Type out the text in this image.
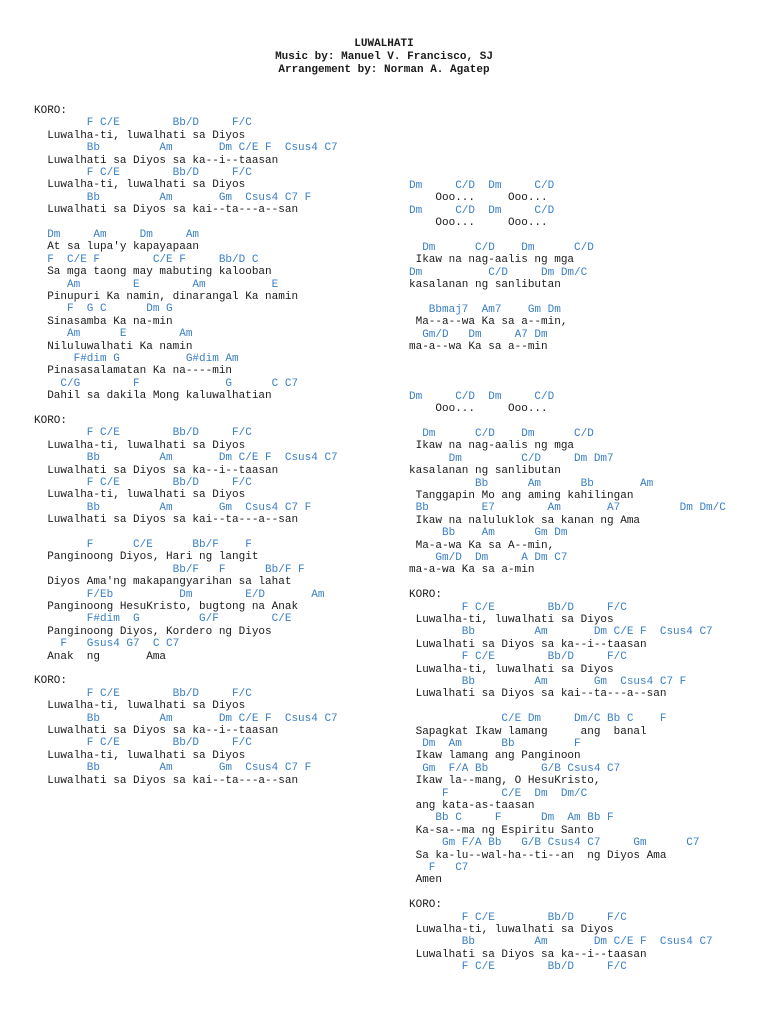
LUWALHATI
Music by: Manuel V. Francisco, SJ
Arrangement by: Norman A. Agatep
KORO:
F C/E        Bb/D     F/C
Luwalha-ti, luwalhati sa Diyos
Bb         Am       Dm C/E F  Csus4 C7
Luwalhati sa Diyos sa ka--i--taasan
F C/E        Bb/D     F/C
Luwalha-ti, luwalhati sa Diyos
Bb         Am       Gm  Csus4 C7 F
Luwalhati sa Diyos sa kai--ta---a--san
Dm     Am     Dm     Am
At sa lupa'y kapayapaan
F  C/E F        C/E F     Bb/D C
Sa mga taong may mabuting kalooban
Am        E        Am          E
Pinupuri Ka namin, dinarangal Ka namin
F  G C      Dm G
Sinasamba Ka na-min
Am      E        Am
Niluluwalhati Ka namin
F#dim G          G#dim Am
Pinasasalamatan Ka na----min
C/G        F             G      C C7
Dahil sa dakila Mong kaluwalhatian
KORO:
F C/E        Bb/D     F/C
Luwalha-ti, luwalhati sa Diyos
Bb         Am       Dm C/E F  Csus4 C7
Luwalhati sa Diyos sa ka--i--taasan
F C/E        Bb/D     F/C
Luwalha-ti, luwalhati sa Diyos
Bb         Am       Gm  Csus4 C7 F
Luwalhati sa Diyos sa kai--ta---a--san
F      C/E      Bb/F    F
Panginoong Diyos, Hari ng langit
Bb/F   F      Bb/F F
Diyos Ama'ng makapangyarihan sa lahat
F/Eb          Dm        E/D       Am
Panginoong HesuKristo, bugtong na Anak
F#dim  G         G/F        C/E
Panginoong Diyos, Kordero ng Diyos
F   Gsus4 G7  C C7
Anak  ng       Ama
KORO:
F C/E        Bb/D     F/C
Luwalha-ti, luwalhati sa Diyos
Bb         Am       Dm C/E F  Csus4 C7
Luwalhati sa Diyos sa ka--i--taasan
F C/E        Bb/D     F/C
Luwalha-ti, luwalhati sa Diyos
Bb         Am       Gm  Csus4 C7 F
Luwalhati sa Diyos sa kai--ta---a--san
Dm     C/D  Dm     C/D
Ooo...     Ooo...
Dm     C/D  Dm     C/D
Ooo...     Ooo...
Dm      C/D    Dm      C/D
Ikaw na nag-aalis ng mga
Dm          C/D     Dm Dm/C
kasalanan ng sanlibutan
Bbmaj7  Am7    Gm Dm
Ma--a--wa Ka sa a--min,
Gm/D   Dm     A7 Dm
ma-a--wa Ka sa a--min
Dm     C/D  Dm     C/D
Ooo...     Ooo...
Dm      C/D    Dm      C/D
Ikaw na nag-aalis ng mga
Dm         C/D     Dm Dm7
kasalanan ng sanlibutan
Bb      Am      Bb       Am
Tanggapin Mo ang aming kahilingan
Bb        E7        Am       A7         Dm Dm/C
Ikaw na naluluklok sa kanan ng Ama
Bb    Am      Gm Dm
Ma-a-wa Ka sa A--min,
Gm/D  Dm     A Dm C7
ma-a-wa Ka sa a-min
KORO:
F C/E        Bb/D     F/C
Luwalha-ti, luwalhati sa Diyos
Bb         Am       Dm C/E F  Csus4 C7
Luwalhati sa Diyos sa ka--i--taasan
F C/E        Bb/D     F/C
Luwalha-ti, luwalhati sa Diyos
Bb         Am       Gm  Csus4 C7 F
Luwalhati sa Diyos sa kai--ta---a--san
C/E Dm     Dm/C Bb C    F
Sapagkat Ikaw lamang     ang  banal
Dm  Am      Bb         F
Ikaw lamang ang Panginoon
Gm  F/A Bb        G/B Csus4 C7
Ikaw la--mang, O HesuKristo,
F        C/E  Dm  Dm/C
ang kata-as-taasan
Bb C     F      Dm  Am Bb F
Ka-sa--ma ng Espiritu Santo
Gm F/A Bb   G/B Csus4 C7     Gm      C7
Sa ka-lu--wal-ha--ti--an  ng Diyos Ama
F   C7
Amen
KORO:
F C/E        Bb/D     F/C
Luwalha-ti, luwalhati sa Diyos
Bb         Am       Dm C/E F  Csus4 C7
Luwalhati sa Diyos sa ka--i--taasan
F C/E        Bb/D     F/C
